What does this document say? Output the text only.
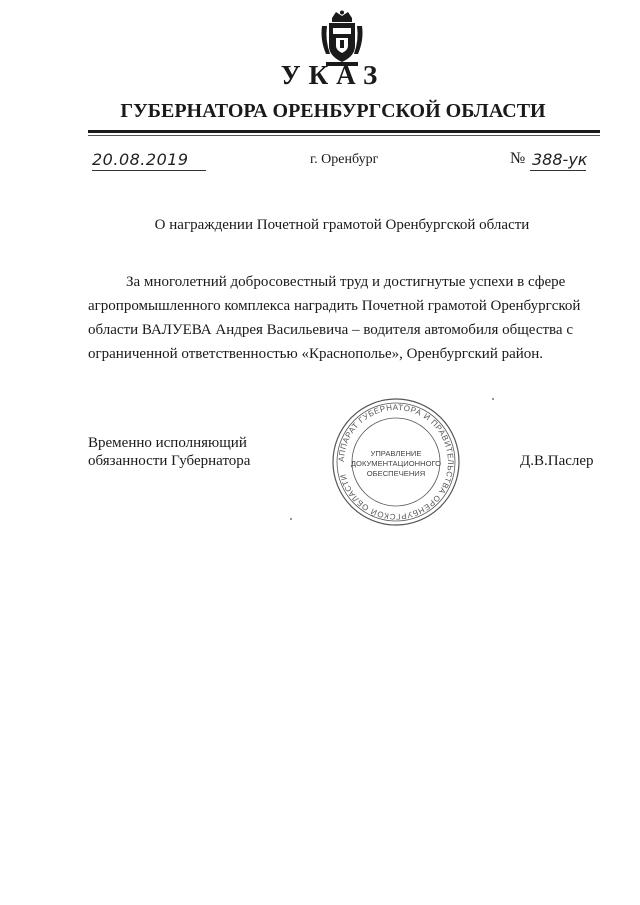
УКАЗ
ГУБЕРНАТОРА ОРЕНБУРГСКОЙ ОБЛАСТИ
20.08.2019	г. Оренбург	№ 388-ук
О награждении Почетной грамотой Оренбургской области

За многолетний добросовестный труд и достигнутые успехи в сфере
агропромышленного комплекса наградить Почетной грамотой Оренбургской
области ВАЛУЕВА Андрея Васильевича – водителя автомобиля общества с
ограниченной ответственностью «Краснополье», Оренбургский район.

Временно исполняющий
обязанности Губернатора	Д.В.Паслер
АППАРАТ ГУБЕРНАТОРА И ПРАВИТЕЛЬСТВА ОРЕНБУРГСКОЙ ОБЛАСТИ
УПРАВЛЕНИЕ
ДОКУМЕНТАЦИОННОГО
ОБЕСПЕЧЕНИЯ
